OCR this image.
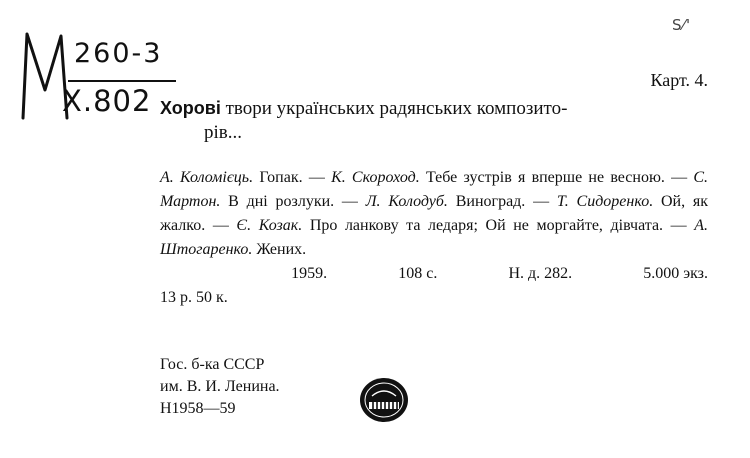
260-3
Х.802
Ѕ⁄ꞌ
Карт. 4.
Хорові твори українських радянських композито-
рів...
А. Коломієць. Гопак. — К. Скороход. Тебе зустрів я вперше не весною. — С. Мартон. В дні розлуки. — Л. Колодуб. Виноград. — Т. Сидоренко. Ой, як жалко. — Є. Козак. Про ланкову та ледаря; Ой не моргайте, дівчата. — А. Штогаренко. Жених.
1959.	108 с.	Н. д. 282.	5.000 экз.
13 р. 50 к.
Гос. б-ка СССР
им. В. И. Ленина.
Н1958—59
